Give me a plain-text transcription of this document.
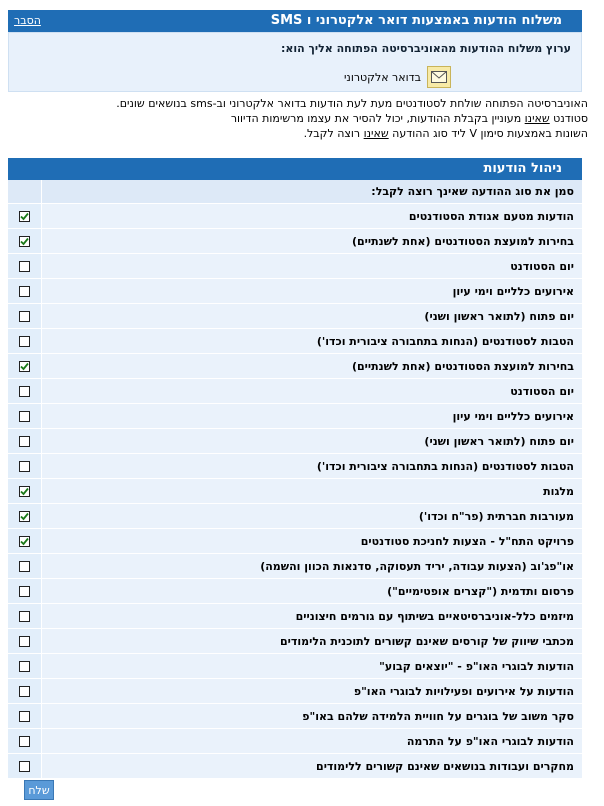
משלוח הודעות באמצעות דואר אלקטרוני ו SMS
הסבר
ערוץ משלוח ההודעות מהאוניברסיטה הפתוחה אליך הוא:
בדואר אלקטרוני
האוניברסיטה הפתוחה שולחת לסטודנטים מעת לעת הודעות בדואר אלקטרוני וב-sms בנושאים שונים.
סטודנט שאינו מעוניין בקבלת ההודעות, יכול להסיר את עצמו מרשימות הדיוור
השונות באמצעות סימון V ליד סוג ההודעה שאינו רוצה לקבל.
ניהול הודעות
סמן את סוג ההודעה שאינך רוצה לקבל:
הודעות מטעם אגודת הסטודנטים
בחירות למועצת הסטודנטים (אחת לשנתיים)
יום הסטודנט
אירועים כלליים וימי עיון
יום פתוח (לתואר ראשון ושני)
הטבות לסטודנטים (הנחות בתחבורה ציבורית וכדו')
בחירות למועצת הסטודנטים (אחת לשנתיים)
יום הסטודנט
אירועים כלליים וימי עיון
יום פתוח (לתואר ראשון ושני)
הטבות לסטודנטים (הנחות בתחבורה ציבורית וכדו')
מלגות
מעורבות חברתית (פר"ח וכדו')
פרויקט התח"ל - הצעות לחניכת סטודנטים
או"פג'וב (הצעות עבודה, יריד תעסוקה, סדנאות הכוון והשמה)
פרסום ותדמית ("קצרים אופטימיים")
מיזמים כלל-אוניברסיטאיים בשיתוף עם גורמים חיצוניים
מכתבי שיווק של קורסים שאינם קשורים לתוכנית הלימודים
הודעות לבוגרי האו"פ - "יוצאים קבוע"
הודעות על אירועים ופעילויות לבוגרי האו"פ
סקר משוב של בוגרים על חוויית הלמידה שלהם באו"פ
הודעות לבוגרי האו"פ על התרמה
מחקרים ועבודות בנושאים שאינם קשורים ללימודים
שלח
